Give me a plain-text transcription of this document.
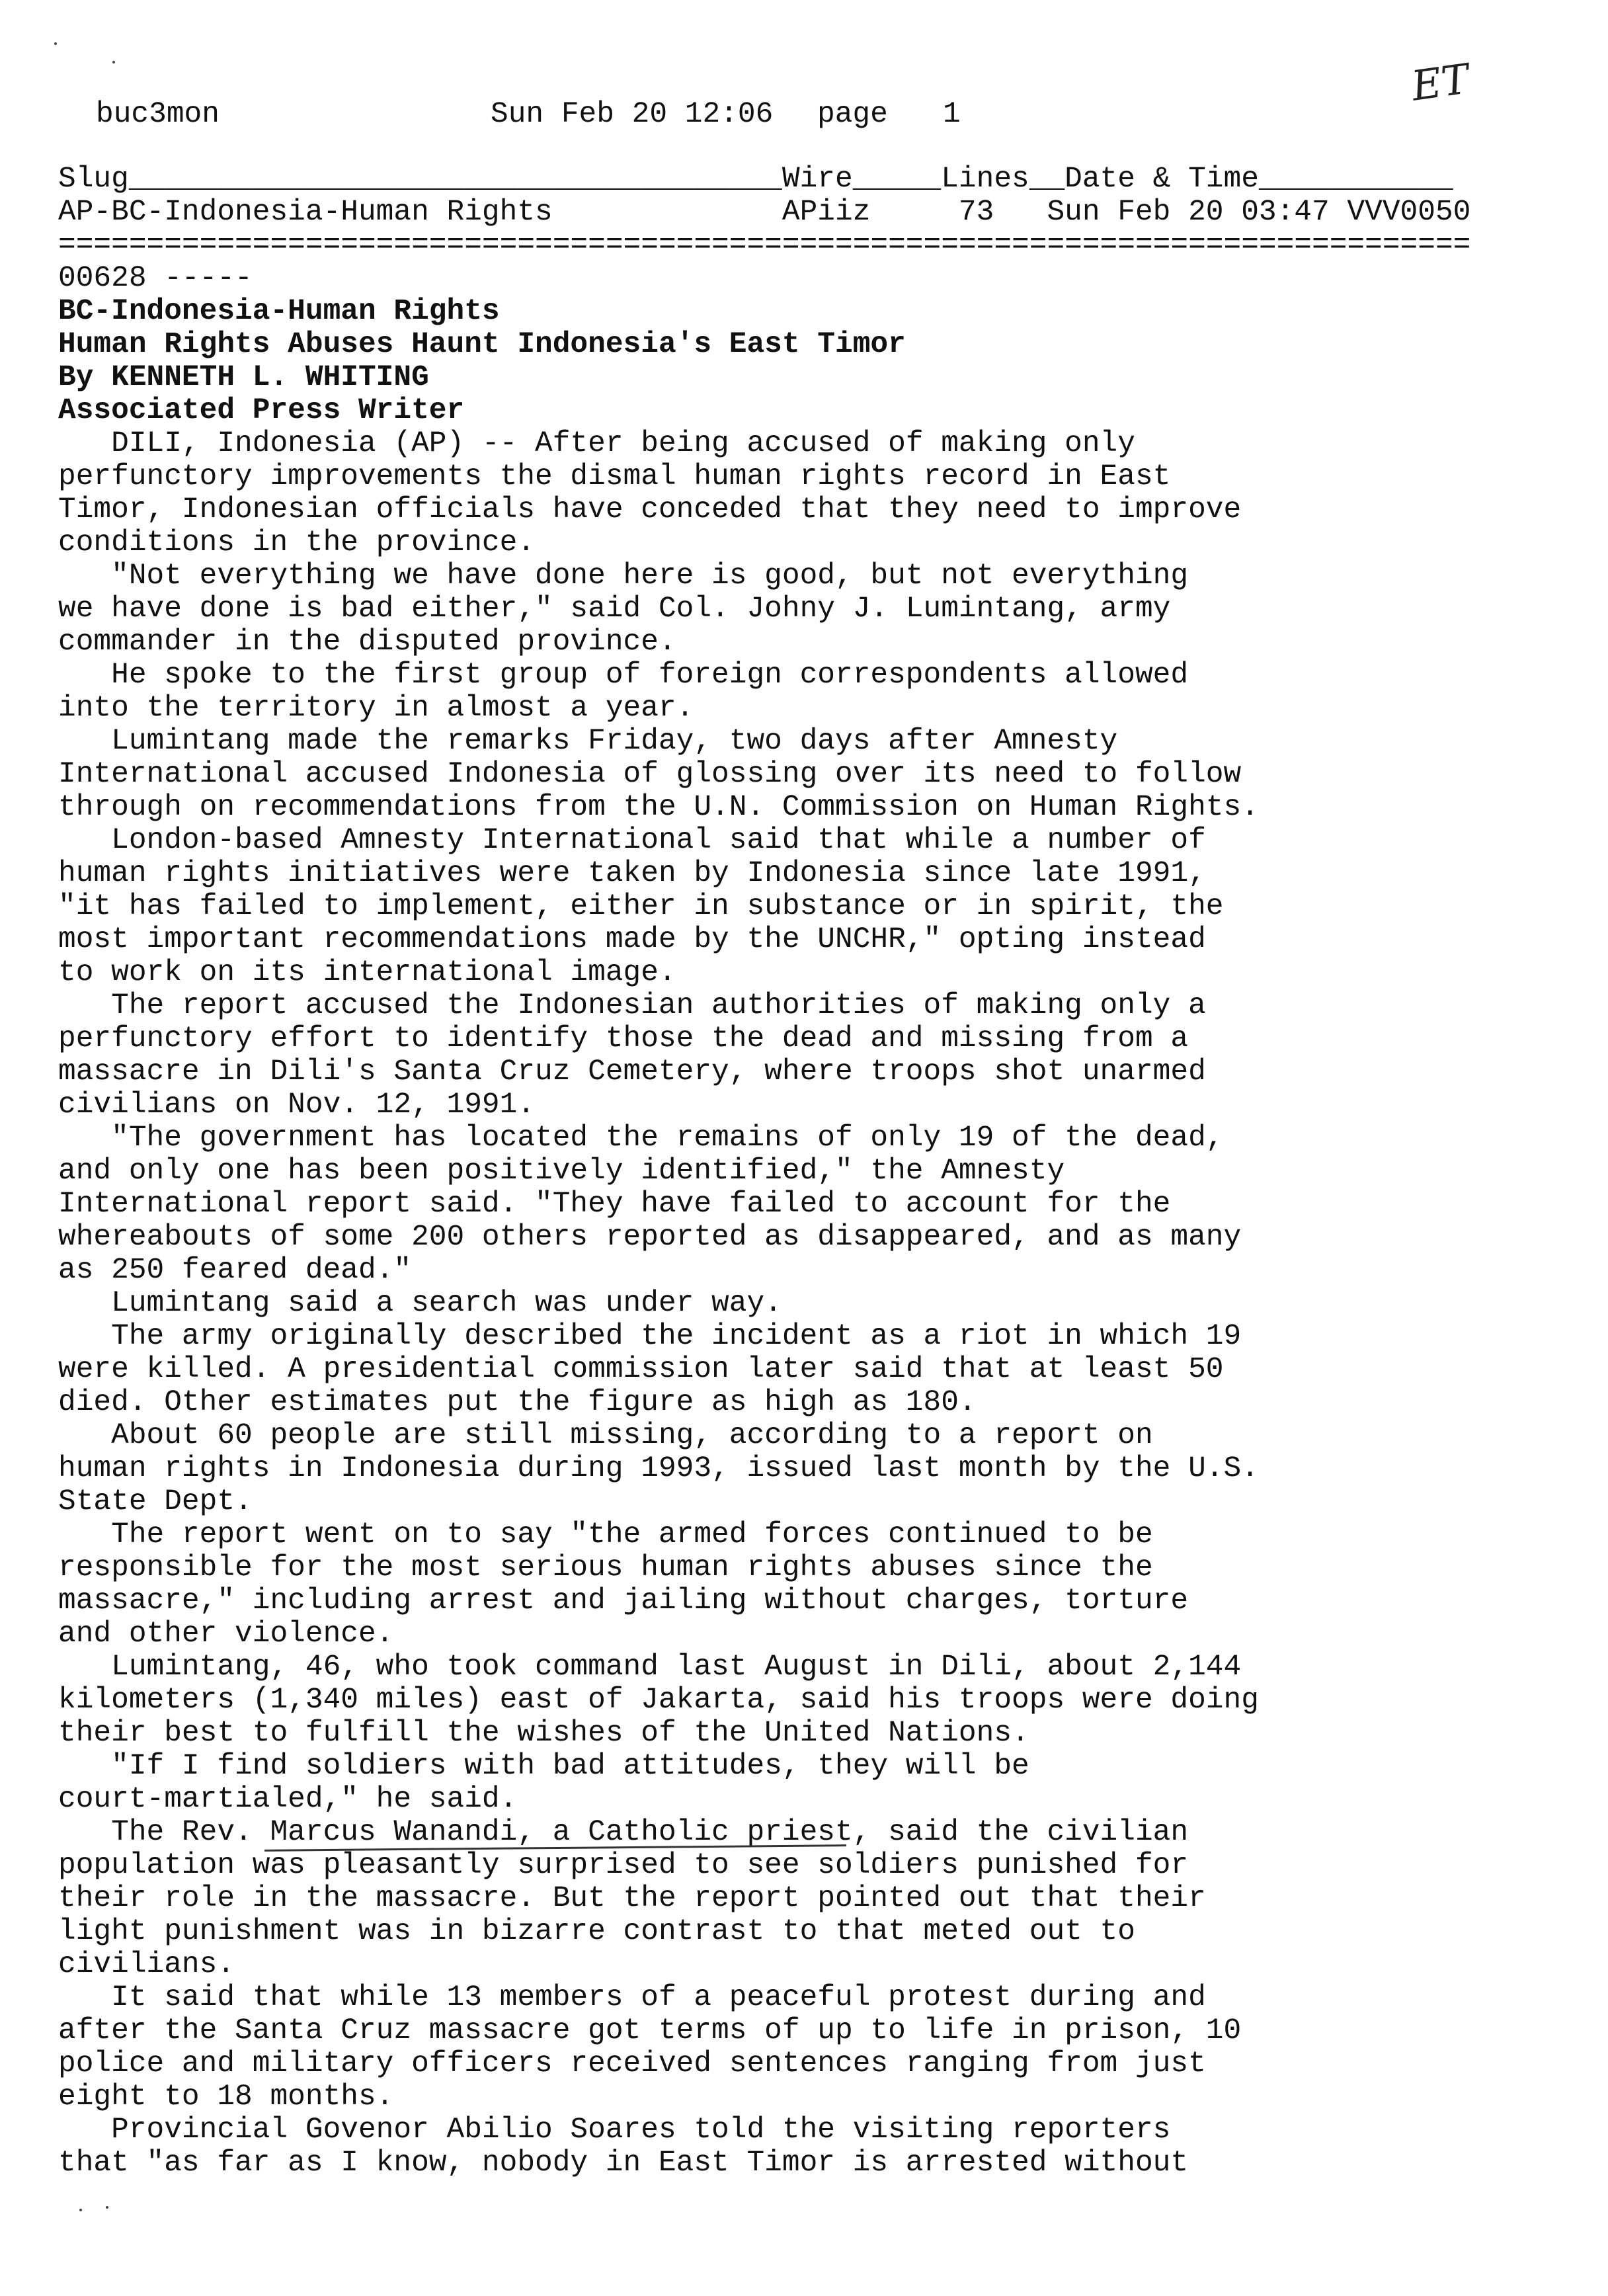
buc3mon	Sun Feb 20 12:06 page 1
ET
Slug_____________________________________Wire_____Lines__Date & Time___________
AP-BC-Indonesia-Human Rights             APiiz     73   Sun Feb 20 03:47 VVV0050
================================================================================
00628 -----
BC-Indonesia-Human Rights
Human Rights Abuses Haunt Indonesia's East Timor
By KENNETH L. WHITING
Associated Press Writer
DILI, Indonesia (AP) -- After being accused of making only
perfunctory improvements the dismal human rights record in East
Timor, Indonesian officials have conceded that they need to improve
conditions in the province.
"Not everything we have done here is good, but not everything
we have done is bad either," said Col. Johny J. Lumintang, army
commander in the disputed province.
He spoke to the first group of foreign correspondents allowed
into the territory in almost a year.
Lumintang made the remarks Friday, two days after Amnesty
International accused Indonesia of glossing over its need to follow
through on recommendations from the U.N. Commission on Human Rights.
London-based Amnesty International said that while a number of
human rights initiatives were taken by Indonesia since late 1991,
"it has failed to implement, either in substance or in spirit, the
most important recommendations made by the UNCHR," opting instead
to work on its international image.
The report accused the Indonesian authorities of making only a
perfunctory effort to identify those the dead and missing from a
massacre in Dili's Santa Cruz Cemetery, where troops shot unarmed
civilians on Nov. 12, 1991.
"The government has located the remains of only 19 of the dead,
and only one has been positively identified," the Amnesty
International report said. "They have failed to account for the
whereabouts of some 200 others reported as disappeared, and as many
as 250 feared dead."
Lumintang said a search was under way.
The army originally described the incident as a riot in which 19
were killed. A presidential commission later said that at least 50
died. Other estimates put the figure as high as 180.
About 60 people are still missing, according to a report on
human rights in Indonesia during 1993, issued last month by the U.S.
State Dept.
The report went on to say "the armed forces continued to be
responsible for the most serious human rights abuses since the
massacre," including arrest and jailing without charges, torture
and other violence.
Lumintang, 46, who took command last August in Dili, about 2,144
kilometers (1,340 miles) east of Jakarta, said his troops were doing
their best to fulfill the wishes of the United Nations.
"If I find soldiers with bad attitudes, they will be
court-martialed," he said.
The Rev. Marcus Wanandi, a Catholic priest, said the civilian
population was pleasantly surprised to see soldiers punished for
their role in the massacre. But the report pointed out that their
light punishment was in bizarre contrast to that meted out to
civilians.
It said that while 13 members of a peaceful protest during and
after the Santa Cruz massacre got terms of up to life in prison, 10
police and military officers received sentences ranging from just
eight to 18 months.
Provincial Govenor Abilio Soares told the visiting reporters
that "as far as I know, nobody in East Timor is arrested without
